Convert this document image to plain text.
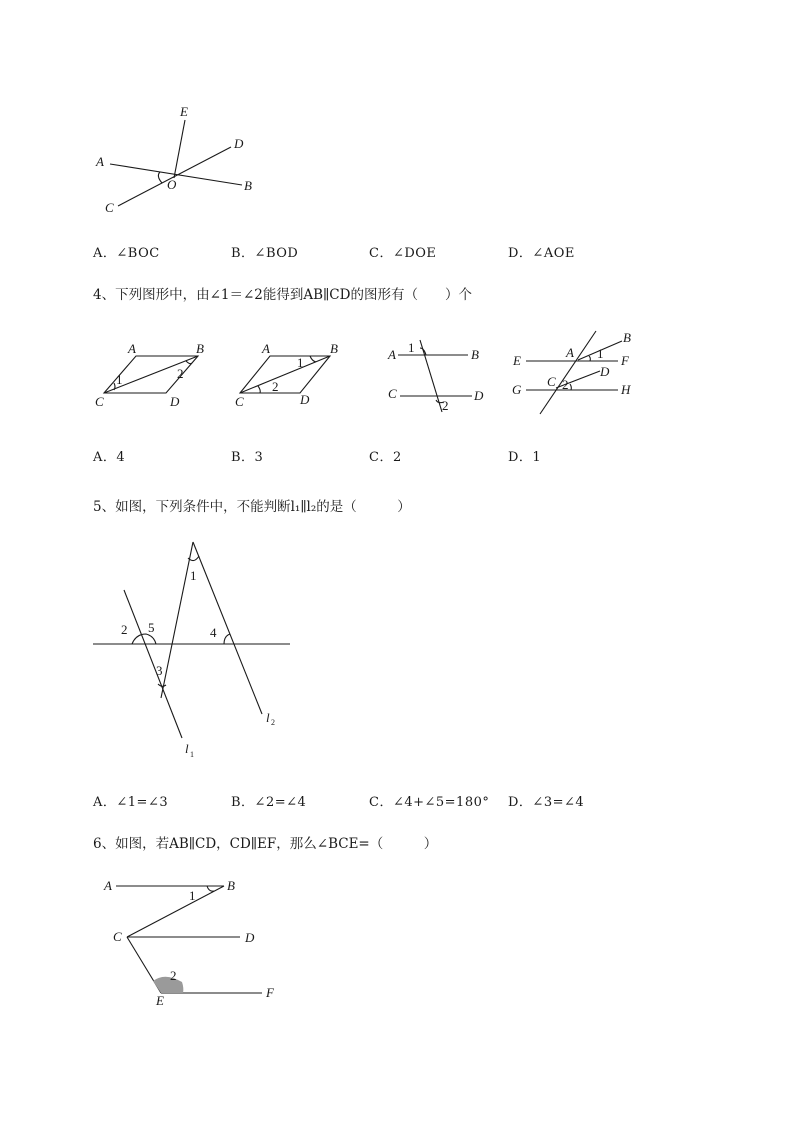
E
D
A
O	B
C
A．∠BOC	B．∠BOD	C．∠DOE	D．∠AOE
4、下列图形中，由∠1＝∠2能得到AB∥CD的图形有（　　）个
A	B
C	D
1	2
A	B
C	D
1
2
A	B
C	D
1
2
B
E
A 1 F
D
C
G	2	H
A．4	B．3	C．2	D．1
5、如图，下列条件中，不能判断l₁∥l₂的是（　　　）
1
2 5	4
3
l 2
l 1
A．∠1=∠3	B．∠2=∠4	C．∠4+∠5=180° D．∠3=∠4
6、如图，若AB∥CD，CD∥EF，那么∠BCE=（　　　）
A	B
1
C	D
2
E
F
